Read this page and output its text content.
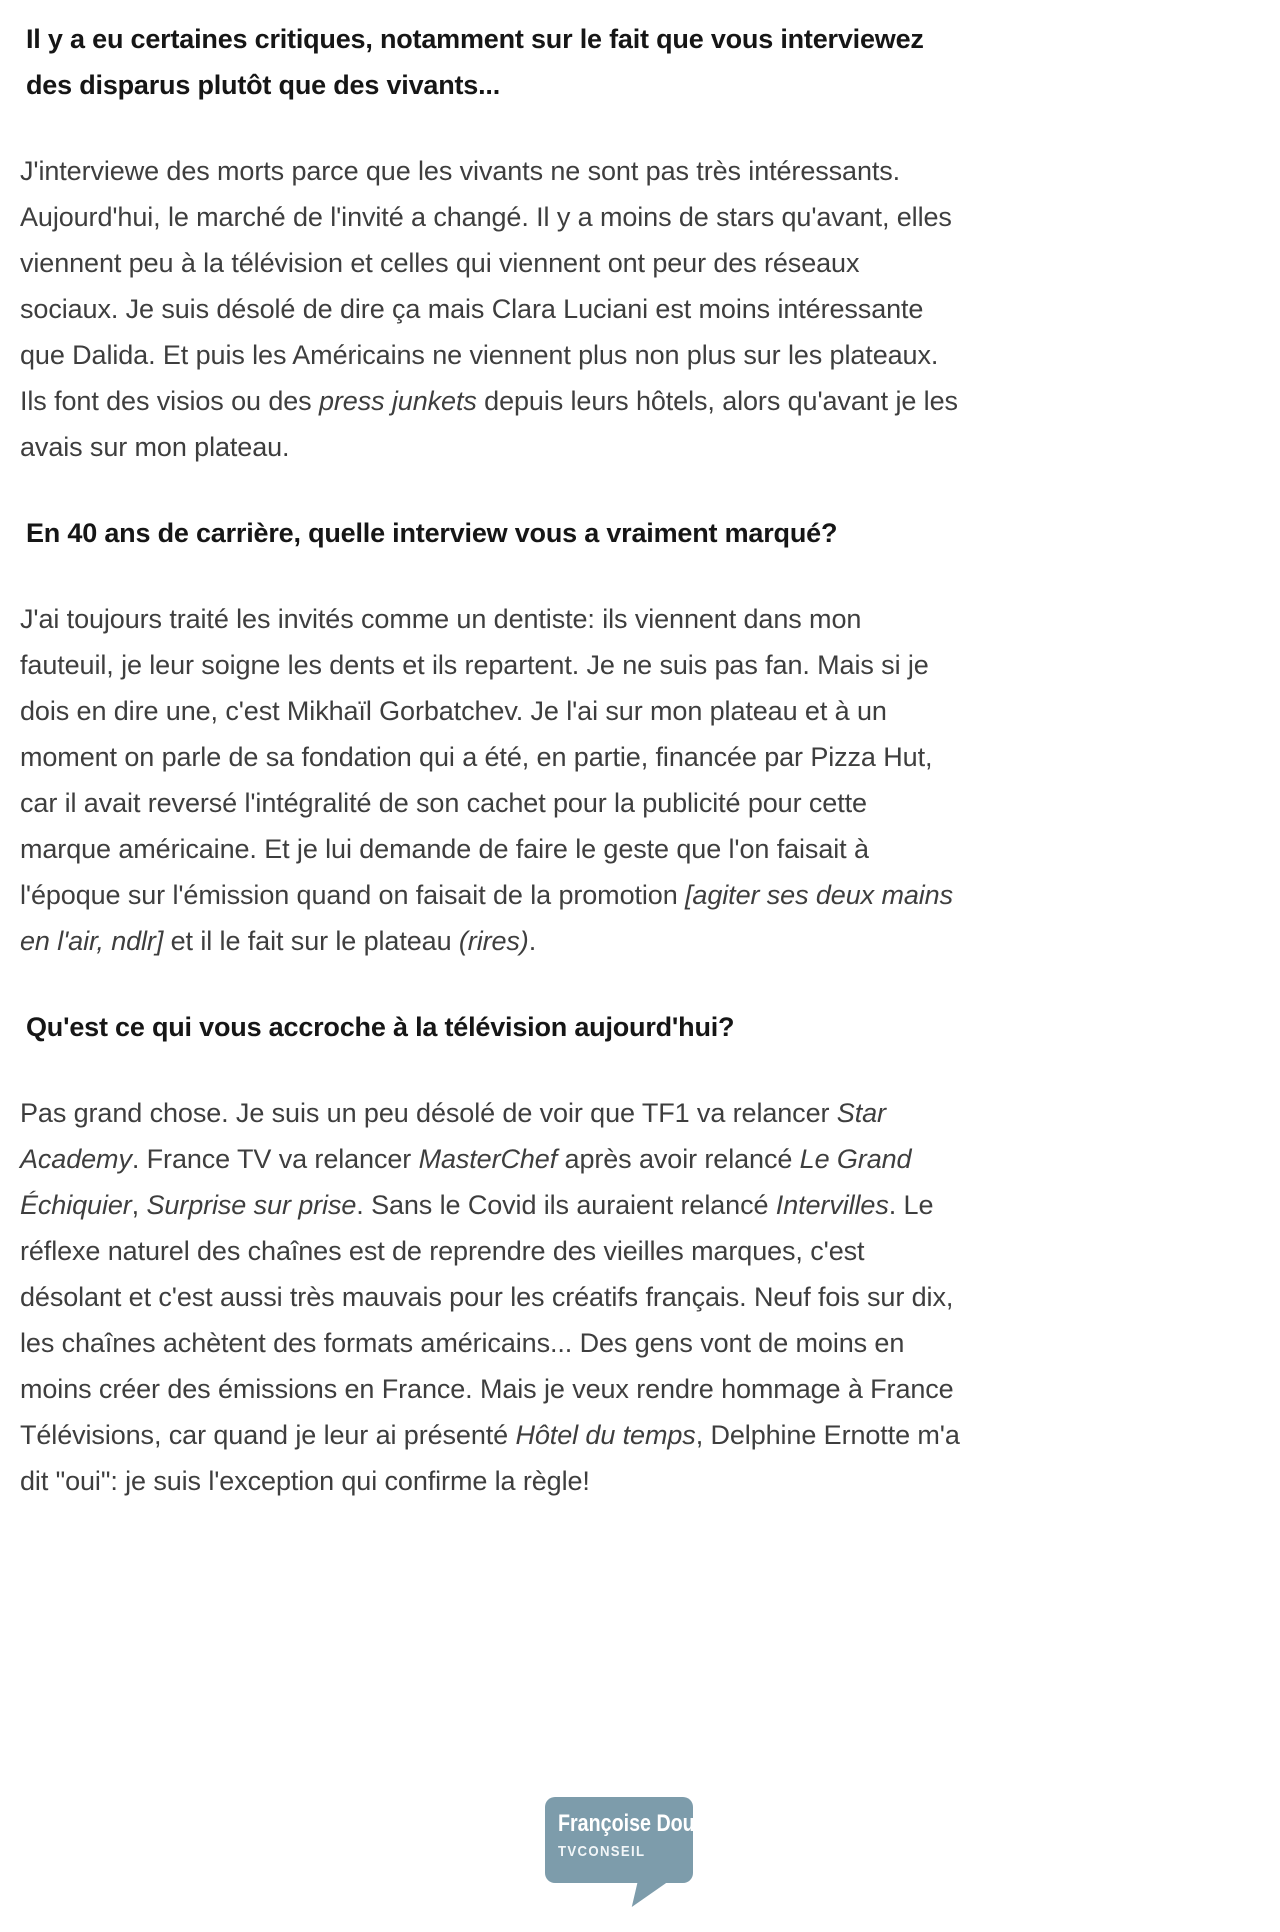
Il y a eu certaines critiques, notamment sur le fait que vous interviewez des disparus plutôt que des vivants...

J'interviewe des morts parce que les vivants ne sont pas très intéressants. Aujourd'hui, le marché de l'invité a changé. Il y a moins de stars qu'avant, elles viennent peu à la télévision et celles qui viennent ont peur des réseaux sociaux. Je suis désolé de dire ça mais Clara Luciani est moins intéressante que Dalida. Et puis les Américains ne viennent plus non plus sur les plateaux. Ils font des visios ou des press junkets depuis leurs hôtels, alors qu'avant je les avais sur mon plateau.

En 40 ans de carrière, quelle interview vous a vraiment marqué?

J'ai toujours traité les invités comme un dentiste: ils viennent dans mon fauteuil, je leur soigne les dents et ils repartent. Je ne suis pas fan. Mais si je dois en dire une, c'est Mikhaïl Gorbatchev. Je l'ai sur mon plateau et à un moment on parle de sa fondation qui a été, en partie, financée par Pizza Hut, car il avait reversé l'intégralité de son cachet pour la publicité pour cette marque américaine. Et je lui demande de faire le geste que l'on faisait à l'époque sur l'émission quand on faisait de la promotion [agiter ses deux mains en l'air, ndlr] et il le fait sur le plateau (rires).

Qu'est ce qui vous accroche à la télévision aujourd'hui?

Pas grand chose. Je suis un peu désolé de voir que TF1 va relancer Star Academy. France TV va relancer MasterChef après avoir relancé Le Grand Échiquier, Surprise sur prise. Sans le Covid ils auraient relancé Intervilles. Le réflexe naturel des chaînes est de reprendre des vieilles marques, c'est désolant et c'est aussi très mauvais pour les créatifs français. Neuf fois sur dix, les chaînes achètent des formats américains... Des gens vont de moins en moins créer des émissions en France. Mais je veux rendre hommage à France Télévisions, car quand je leur ai présenté Hôtel du temps, Delphine Ernotte m'a dit "oui": je suis l'exception qui confirme la règle!

Françoise Doux
TVCONSEIL
